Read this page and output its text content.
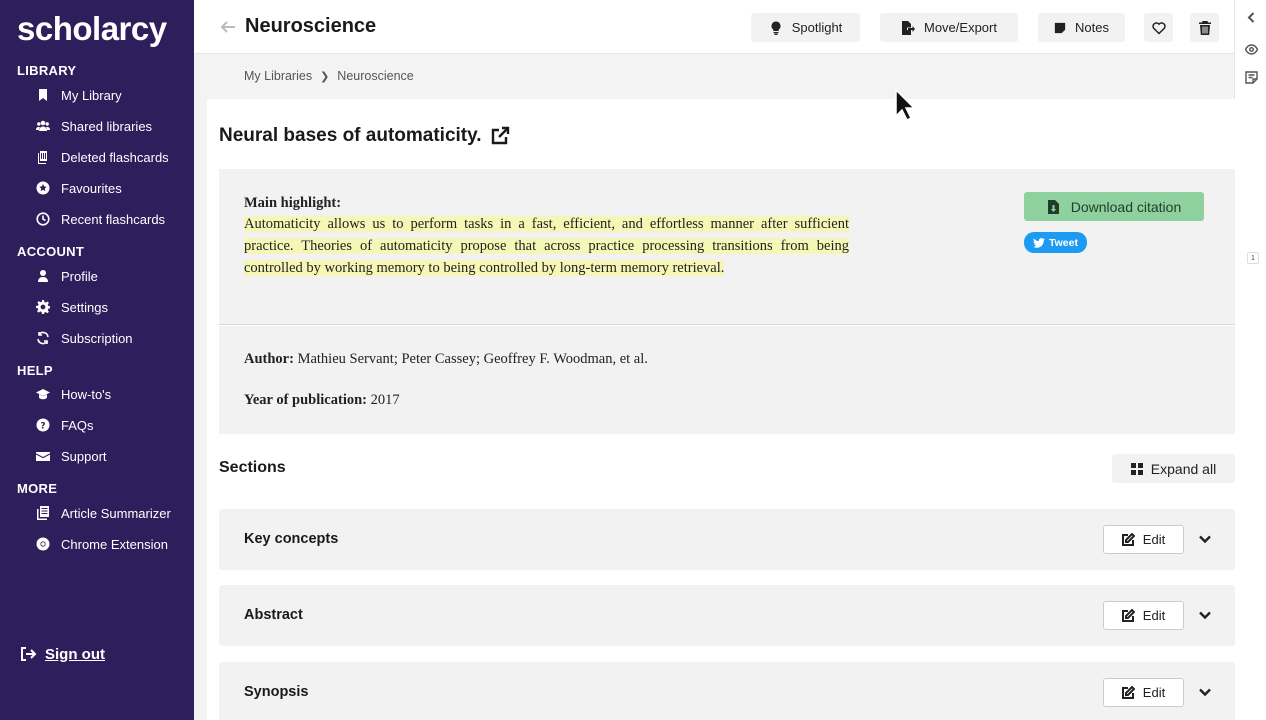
scholarcy
LIBRARY
My Library
Shared libraries
Deleted flashcards
Favourites
Recent flashcards
ACCOUNT
Profile
Settings
Subscription
HELP
How-to's
? FAQs
Support
MORE
Article Summarizer
Chrome Extension
Sign out
Neuroscience	Spotlight	Move/Export	Notes
1
My Libraries ❯ Neuroscience
Neural bases of automaticity.
Main highlight:
Automaticity allows us to perform tasks in a fast, efficient, and effortless manner after sufficient practice. Theories of automaticity propose that across practice processing transitions from being controlled by working memory to being controlled by long-term memory retrieval.
Download citation
Tweet
Author: Mathieu Servant; Peter Cassey; Geoffrey F. Woodman, et al.
Year of publication: 2017
Sections	Expand all
Key concepts	Edit
Abstract	Edit
Synopsis	Edit
